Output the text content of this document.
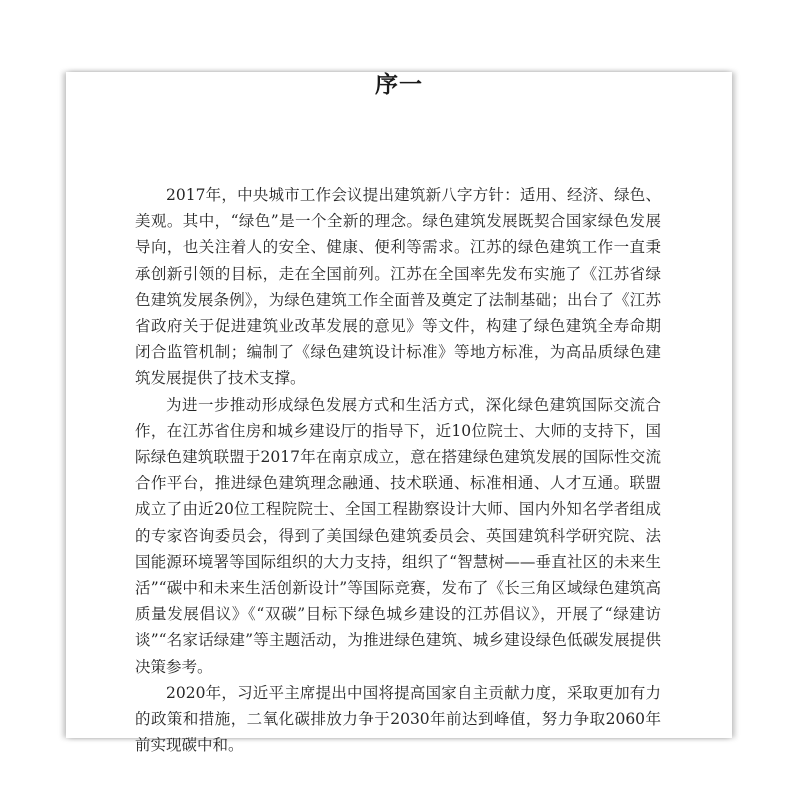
序一

2017年，中央城市工作会议提出建筑新八字方针：适用、经济、绿色、美观。其中，“绿色”是一个全新的理念。绿色建筑发展既契合国家绿色发展导向，也关注着人的安全、健康、便利等需求。江苏的绿色建筑工作一直秉承创新引领的目标，走在全国前列。江苏在全国率先发布实施了《江苏省绿色建筑发展条例》，为绿色建筑工作全面普及奠定了法制基础；出台了《江苏省政府关于促进建筑业改革发展的意见》等文件，构建了绿色建筑全寿命期闭合监管机制；编制了《绿色建筑设计标准》等地方标准，为高品质绿色建筑发展提供了技术支撑。

为进一步推动形成绿色发展方式和生活方式，深化绿色建筑国际交流合作，在江苏省住房和城乡建设厅的指导下，近10位院士、大师的支持下，国际绿色建筑联盟于2017年在南京成立，意在搭建绿色建筑发展的国际性交流合作平台，推进绿色建筑理念融通、技术联通、标准相通、人才互通。联盟成立了由近20位工程院院士、全国工程勘察设计大师、国内外知名学者组成的专家咨询委员会，得到了美国绿色建筑委员会、英国建筑科学研究院、法国能源环境署等国际组织的大力支持，组织了“智慧树——垂直社区的未来生活”“碳中和未来生活创新设计”等国际竞赛，发布了《长三角区域绿色建筑高质量发展倡议》《“双碳”目标下绿色城乡建设的江苏倡议》，开展了“绿建访谈”“名家话绿建”等主题活动，为推进绿色建筑、城乡建设绿色低碳发展提供决策参考。

2020年，习近平主席提出中国将提高国家自主贡献力度，采取更加有力的政策和措施，二氧化碳排放力争于2030年前达到峰值，努力争取2060年前实现碳中和。
